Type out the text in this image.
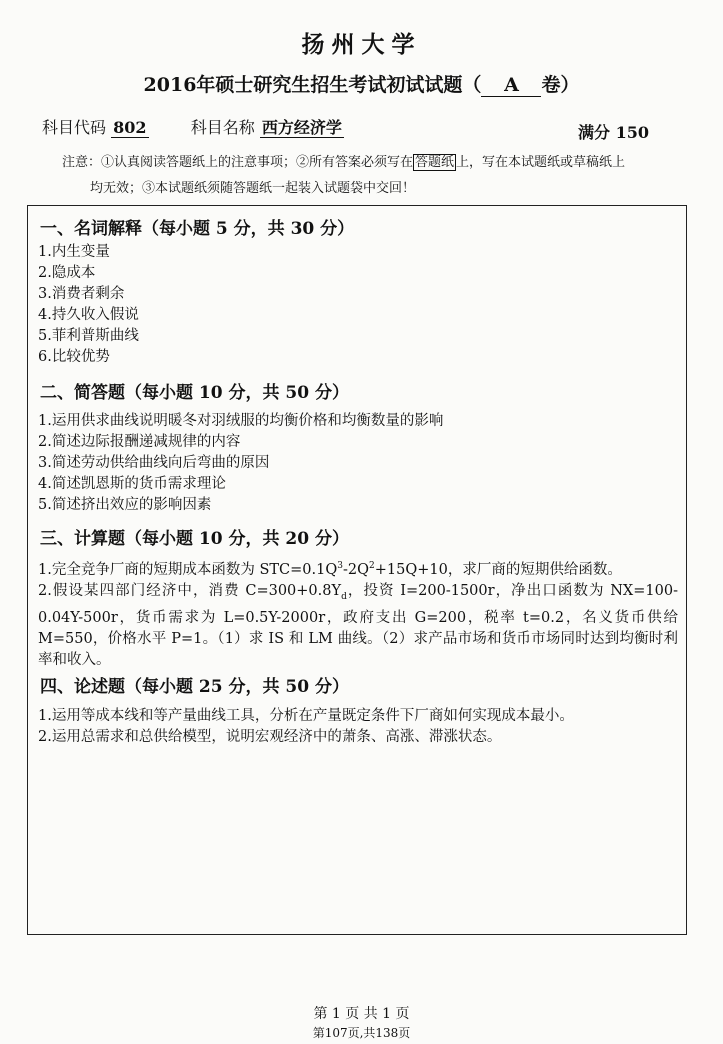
扬州大学
2016年硕士研究生招生考试初试试题（ A 卷）
科目代码 802	科目名称 西方经济学	满分 150
注意：①认真阅读答题纸上的注意事项；②所有答案必须写在 答题纸 上，写在本试题纸或草稿纸上
均无效；③本试题纸须随答题纸一起装入试题袋中交回！
一、名词解释（每小题 5 分，共 30 分）
1.内生变量
2.隐成本
3.消费者剩余
4.持久收入假说
5.菲利普斯曲线
6.比较优势
二、简答题（每小题 10 分，共 50 分）
1.运用供求曲线说明暖冬对羽绒服的均衡价格和均衡数量的影响
2.简述边际报酬递减规律的内容
3.简述劳动供给曲线向后弯曲的原因
4.简述凯恩斯的货币需求理论
5.简述挤出效应的影响因素
三、计算题（每小题 10 分，共 20 分）
1.完全竞争厂商的短期成本函数为 $STC=0.1Q^3-2Q^2+15Q+10$，求厂商的短期供给函数。
2.假设某四部门经济中，消费 $C=300+0.8Y_d$，投资 I=200-1500r，净出口函数为 NX=100-0.04Y-500r，货币需求为 L=0.5Y-2000r，政府支出 G=200，税率 t=0.2，名义货币供给 M=550，价格水平 P=1。（1）求 IS 和 LM 曲线。（2）求产品市场和货币市场同时达到均衡时利率和收入。
四、论述题（每小题 25 分，共 50 分）
1.运用等成本线和等产量曲线工具，分析在产量既定条件下厂商如何实现成本最小。
2.运用总需求和总供给模型，说明宏观经济中的萧条、高涨、滞涨状态。
第 1 页 共 1 页
第107页,共138页
